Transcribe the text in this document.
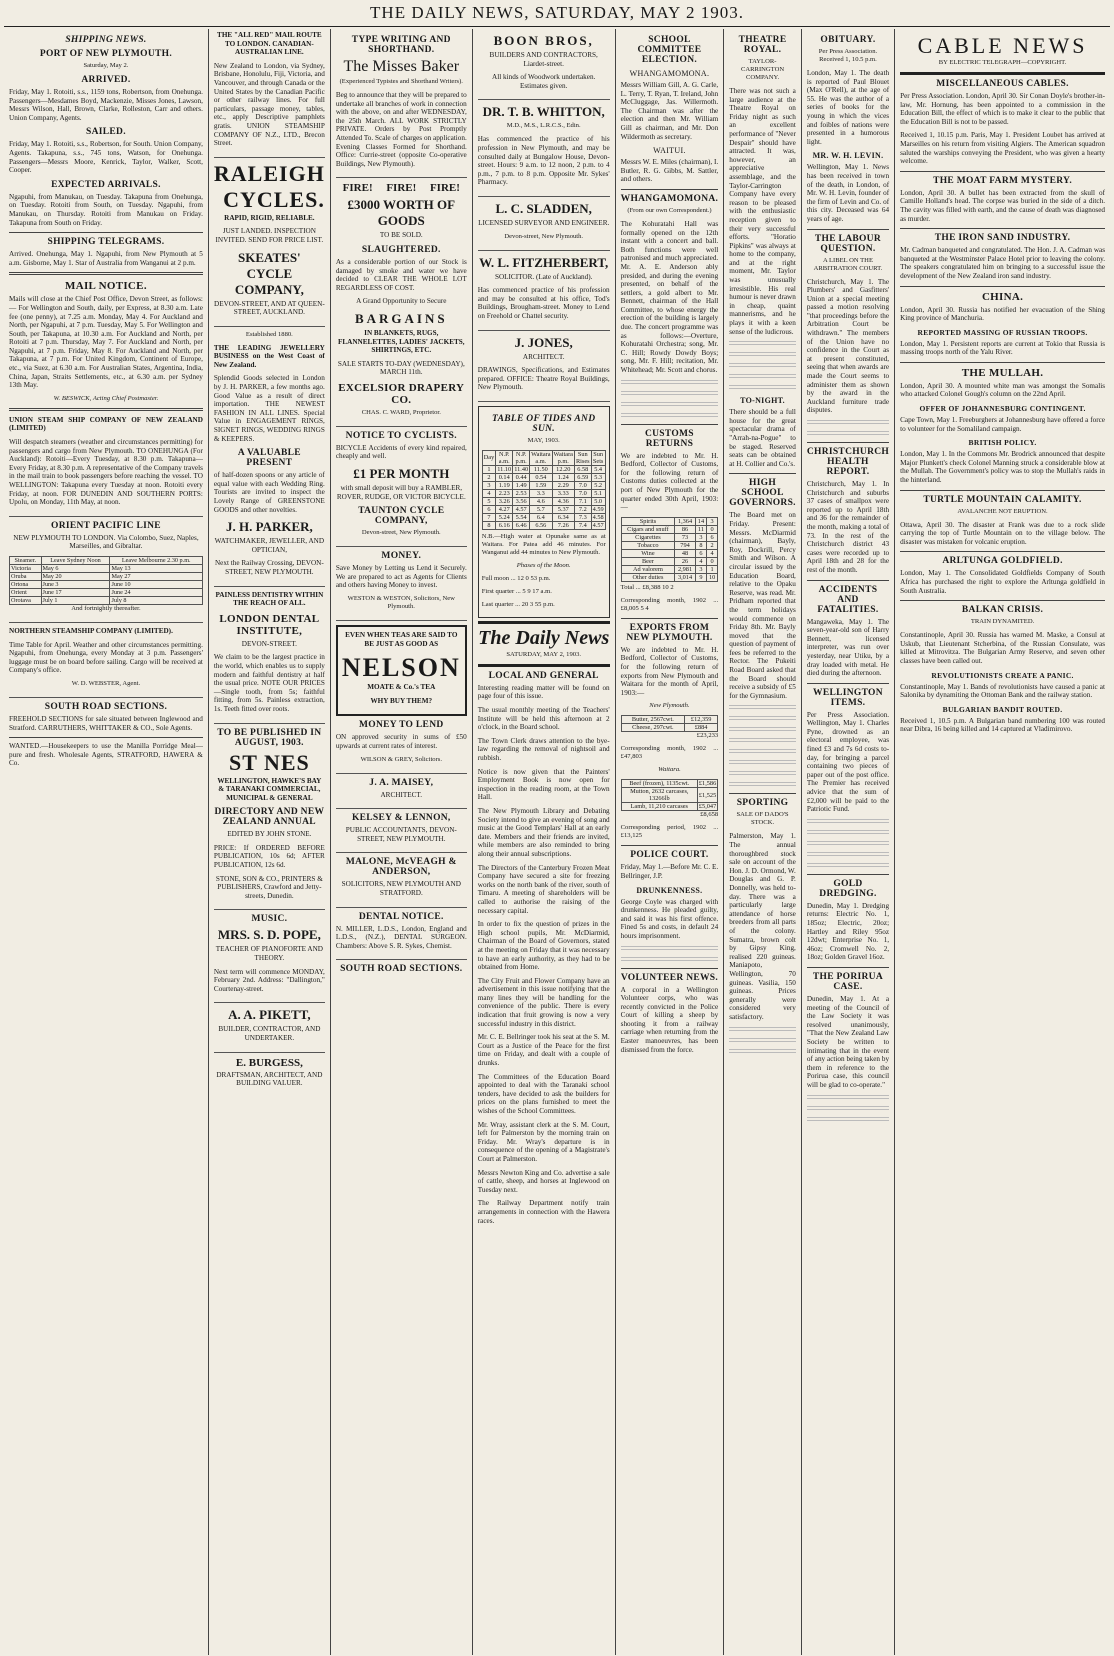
THE DAILY NEWS, SATURDAY, MAY 2 1903.
SHIPPING NEWS.
PORT OF NEW PLYMOUTH.

Saturday, May 2.

ARRIVED.

Friday, May 1. Rotoiti, s.s., 1159 tons, Robertson, from Onehunga. Passengers—Mesdames Boyd, Mackenzie, Misses Jones, Lawson, Messrs Wilson, Hall, Brown, Clarke, Rolleston, Carr and others. Union Company, Agents.

SAILED.

Friday, May 1. Rotoiti, s.s., Robertson, for South. Union Company, Agents. Takapuna, s.s., 745 tons, Watson, for Onehunga. Passengers—Messrs Moore, Kenrick, Taylor, Walker, Scott, Cooper.

EXPECTED ARRIVALS.

Ngapuhi, from Manukau, on Tuesday. Takapuna from Onehunga, on Tuesday. Rotoiti from South, on Tuesday. Ngapuhi, from Manukau, on Thursday. Rotoiti from Manukau on Friday. Takapuna from South on Friday.

SHIPPING TELEGRAMS.

Arrived. Onehunga, May 1. Ngapuhi, from New Plymouth at 5 a.m. Gisborne, May 1. Star of Australia from Wanganui at 2 p.m.

MAIL NOTICE.

Mails will close at the Chief Post Office, Devon Street, as follows:— For Wellington and South, daily, per Express, at 8.30 a.m. Late fee (one penny), at 7.25 a.m. Monday, May 4. For Auckland and North, per Ngapuhi, at 7 p.m. Tuesday, May 5. For Wellington and South, per Takapuna, at 10.30 a.m. For Auckland and North, per Rotoiti at 7 p.m. Thursday, May 7. For Auckland and North, per Ngapuhi, at 7 p.m. Friday, May 8. For Auckland and North, per Takapuna, at 7 p.m. For United Kingdom, Continent of Europe, etc., via Suez, at 6.30 a.m. For Australian States, Argentina, India, China, Japan, Straits Settlements, etc., at 6.30 a.m. per Sydney 13th May.

W. BESWICK, Acting Chief Postmaster.

UNION STEAM SHIP COMPANY OF NEW ZEALAND (LIMITED)

Will despatch steamers (weather and circumstances permitting) for passengers and cargo from New Plymouth. TO ONEHUNGA (For Auckland): Rotoiti—Every Tuesday, at 8.30 p.m. Takapuna—Every Friday, at 8.30 p.m. A representative of the Company travels in the mail train to book passengers before reaching the vessel. TO WELLINGTON: Takapuna every Tuesday at noon. Rotoiti every Friday, at noon. FOR DUNEDIN AND SOUTHERN PORTS: Upolu, on Monday, 11th May, at noon.

ORIENT PACIFIC LINE

NEW PLYMOUTH TO LONDON. Via Colombo, Suez, Naples, Marseilles, and Gibraltar.

Steamer.	Leave Sydney Noon	Leave Melbourne 2.30 p.m.
Victoria	May 6	May 13
Oruba	May 20	May 27
Ortona	June 3	June 10
Orient	June 17	June 24
Orotava	July 1	July 8

And fortnightly thereafter.

NORTHERN STEAMSHIP COMPANY (LIMITED).

Time Table for April. Weather and other circumstances permitting. Ngapuhi, from Onehunga, every Monday at 3 p.m. Passengers' luggage must be on board before sailing. Cargo will be received at Company's office.

W. D. WEBSTER, Agent.

SOUTH ROAD SECTIONS.

FREEHOLD SECTIONS for sale situated between Inglewood and Stratford. CARRUTHERS, WHITTAKER & CO., Sole Agents.

WANTED.—Housekeepers to use the Manilla Porridge Meal—pure and fresh. Wholesale Agents, STRATFORD, HAWERA & Co.

THE "ALL RED" MAIL ROUTE TO LONDON. CANADIAN-AUSTRALIAN LINE.

New Zealand to London, via Sydney, Brisbane, Honolulu, Fiji, Victoria, and Vancouver, and through Canada or the United States by the Canadian Pacific or other railway lines. For full particulars, passage money, tables, etc., apply Descriptive pamphlets gratis. UNION STEAMSHIP COMPANY OF N.Z., LTD., Brecon Street.

RALEIGH
CYCLES.

RAPID, RIGID, RELIABLE.

JUST LANDED. INSPECTION INVITED. SEND FOR PRICE LIST.

SKEATES' CYCLE COMPANY,

DEVON-STREET, AND AT QUEEN-STREET, AUCKLAND.

Established 1880.

THE LEADING JEWELLERY BUSINESS on the West Coast of New Zealand.

Splendid Goods selected in London by J. H. PARKER, a few months ago. Good Value as a result of direct importation. THE NEWEST FASHION IN ALL LINES. Special Value in ENGAGEMENT RINGS, SIGNET RINGS, WEDDING RINGS & KEEPERS.

A VALUABLE PRESENT

of half-dozen spoons or any article of equal value with each Wedding Ring. Tourists are invited to inspect the Lovely Range of GREENSTONE GOODS and other novelties.

J. H. PARKER,

WATCHMAKER, JEWELLER, AND OPTICIAN,

Next the Railway Crossing, DEVON-STREET, NEW PLYMOUTH.

PAINLESS DENTISTRY WITHIN THE REACH OF ALL.

LONDON DENTAL INSTITUTE,

DEVON-STREET.

We claim to be the largest practice in the world, which enables us to supply modern and faithful dentistry at half the usual price. NOTE OUR PRICES—Single tooth, from 5s; faithful fitting, from 5s. Painless extraction, 1s. Teeth fitted over roots.

TO BE PUBLISHED IN AUGUST, 1903.
ST NES

WELLINGTON, HAWKE'S BAY & TARANAKI COMMERCIAL, MUNICIPAL & GENERAL

DIRECTORY AND NEW ZEALAND ANNUAL

EDITED BY JOHN STONE.

PRICE: If ORDERED BEFORE PUBLICATION, 10s 6d; AFTER PUBLICATION, 12s 6d.

STONE, SON & CO., PRINTERS & PUBLISHERS, Crawford and Jetty-streets, Dunedin.

MUSIC.
MRS. S. D. POPE,

TEACHER OF PIANOFORTE AND THEORY.

Next term will commence MONDAY, February 2nd. Address: "Dallington," Courtenay-street.

A. A. PIKETT,

BUILDER, CONTRACTOR, AND UNDERTAKER.

E. BURGESS,

DRAFTSMAN, ARCHITECT, AND BUILDING VALUER.

TYPE WRITING AND SHORTHAND.
The Misses Baker

(Experienced Typistes and Shorthand Writers).

Beg to announce that they will be prepared to undertake all branches of work in connection with the above, on and after WEDNESDAY, the 25th March. ALL WORK STRICTLY PRIVATE. Orders by Post Promptly Attended To. Scale of charges on application. Evening Classes Formed for Shorthand. Office: Currie-street (opposite Co-operative Buildings, New Plymouth).

FIRE! FIRE! FIRE!
£3000 WORTH OF GOODS

TO BE SOLD.

SLAUGHTERED.

As a considerable portion of our Stock is damaged by smoke and water we have decided to CLEAR THE WHOLE LOT REGARDLESS OF COST.

A Grand Opportunity to Secure

BARGAINS

IN BLANKETS, RUGS, FLANNELETTES, LADIES' JACKETS, SHIRTINGS, ETC.

SALE STARTS TO-DAY (WEDNESDAY), MARCH 11th.

EXCELSIOR DRAPERY CO.

CHAS. C. WARD, Proprietor.

NOTICE TO CYCLISTS.

BICYCLE Accidents of every kind repaired, cheaply and well.

£1 PER MONTH

with small deposit will buy a RAMBLER, ROVER, RUDGE, OR VICTOR BICYCLE.

TAUNTON CYCLE COMPANY,

Devon-street, New Plymouth.

MONEY.

Save Money by Letting us Lend it Securely. We are prepared to act as Agents for Clients and others having Money to invest.

WESTON & WESTON, Solicitors, New Plymouth.

EVEN WHEN TEAS ARE SAID TO BE JUST AS GOOD AS

NELSON

MOATE & Co.'s TEA

WHY BUY THEM?

MONEY TO LEND

ON approved security in sums of £50 upwards at current rates of interest.

WILSON & GREY, Solicitors.

J. A. MAISEY,

ARCHITECT.

KELSEY & LENNON,

PUBLIC ACCOUNTANTS, DEVON-STREET, NEW PLYMOUTH.

MALONE, McVEAGH & ANDERSON,

SOLICITORS, NEW PLYMOUTH AND STRATFORD.

DENTAL NOTICE.

N. MILLER, L.D.S., London, England and L.D.S., (N.Z.), DENTAL SURGEON. Chambers: Above S. R. Sykes, Chemist.

SOUTH ROAD SECTIONS.
BOON BROS,

BUILDERS AND CONTRACTORS, Liardet-street.

All kinds of Woodwork undertaken. Estimates given.

DR. T. B. WHITTON,

M.D., M.S., L.R.C.S., Edin.

Has commenced the practice of his profession in New Plymouth, and may be consulted daily at Bungalow House, Devon-street. Hours: 9 a.m. to 12 noon, 2 p.m. to 4 p.m., 7 p.m. to 8 p.m. Opposite Mr. Sykes' Pharmacy.

L. C. SLADDEN,

LICENSED SURVEYOR AND ENGINEER.

Devon-street, New Plymouth.

W. L. FITZHERBERT,

SOLICITOR. (Late of Auckland).

Has commenced practice of his profession and may be consulted at his office, Tod's Buildings, Brougham-street. Money to Lend on Freehold or Chattel security.

J. JONES,

ARCHITECT.

DRAWINGS, Specifications, and Estimates prepared. OFFICE: Theatre Royal Buildings, New Plymouth.

TABLE OF TIDES AND SUN.

MAY, 1903.

Day	N.P. a.m.	N.P. p.m.	Waitara a.m.	Waitara p.m.	Sun Rises	Sun Sets
1	11.10	11.40	11.50	12.20	6.58	5.4
2	0.14	0.44	0.54	1.24	6.59	5.3
3	1.19	1.49	1.59	2.29	7.0	5.2
4	2.23	2.53	3.3	3.33	7.0	5.1
5	3.26	3.56	4.6	4.36	7.1	5.0
6	4.27	4.57	5.7	5.37	7.2	4.59
7	5.24	5.54	6.4	6.34	7.3	4.58
8	6.16	6.46	6.56	7.26	7.4	4.57

N.B.—High water at Opunake same as at Waitara. For Patea add 46 minutes. For Wanganui add 44 minutes to New Plymouth.

Phases of the Moon.

Full moon ... 12 0 53 p.m.

First quarter ... 5 9 17 a.m.

Last quarter ... 20 3 55 p.m.

The Daily News

SATURDAY, MAY 2, 1903.

LOCAL AND GENERAL

Interesting reading matter will be found on page four of this issue.

The usual monthly meeting of the Teachers' Institute will be held this afternoon at 2 o'clock, in the Board school.

The Town Clerk draws attention to the bye-law regarding the removal of nightsoil and rubbish.

Notice is now given that the Painters' Employment Book is now open for inspection in the reading room, at the Town Hall.

The New Plymouth Library and Debating Society intend to give an evening of song and music at the Good Templars' Hall at an early date. Members and their friends are invited, while members are also reminded to bring along their annual subscriptions.

The Directors of the Canterbury Frozen Meat Company have secured a site for freezing works on the north bank of the river, south of Timaru. A meeting of shareholders will be called to authorise the raising of the necessary capital.

In order to fix the question of prizes in the High school pupils, Mr. McDiarmid, Chairman of the Board of Governors, stated at the meeting on Friday that it was necessary to have an early authority, as they had to be obtained from Home.

The City Fruit and Flower Company have an advertisement in this issue notifying that the many lines they will be handling for the convenience of the public. There is every indication that fruit growing is now a very successful industry in this district.

Mr. C. E. Bellringer took his seat at the S. M. Court as a Justice of the Peace for the first time on Friday, and dealt with a couple of drunks.

The Committees of the Education Board appointed to deal with the Taranaki school tenders, have decided to ask the builders for prices on the plans furnished to meet the wishes of the School Committees.

Mr. Wray, assistant clerk at the S. M. Court, left for Palmerston by the morning train on Friday. Mr. Wray's departure is in consequence of the opening of a Magistrate's Court at Palmerston.

Messrs Newton King and Co. advertise a sale of cattle, sheep, and horses at Inglewood on Tuesday next.

The Railway Department notify train arrangements in connection with the Hawera races.

SCHOOL COMMITTEE ELECTION.
WHANGAMOMONA.

Messrs William Gill, A. G. Carle, L. Terry, T. Ryan, T. Ireland, John McCluggage, Jas. Willermoth. The Chairman was after the election and then Mr. William Gill as chairman, and Mr. Don Wildermoth as secretary.

WAITUI.

Messrs W. E. Miles (chairman), I. Butler, R. G. Gibbs, M. Sattler, and others.

WHANGAMOMONA.

(From our own Correspondent.)

The Kohuratahi Hall was formally opened on the 12th instant with a concert and ball. Both functions were well patronised and much appreciated. Mr. A. E. Anderson ably presided, and during the evening presented, on behalf of the settlers, a gold albert to Mr. Bennett, chairman of the Hall Committee, to whose energy the erection of the building is largely due. The concert programme was as follows:—Overture, Kohuratahi Orchestra; song, Mr. C. Hill; Rowdy Dowdy Boys; song, Mr. F. Hill; recitation, Mr. Whitehead; Mr. Scott and chorus.

CUSTOMS RETURNS

We are indebted to Mr. H. Bedford, Collector of Customs, for the following return of Customs duties collected at the port of New Plymouth for the quarter ended 30th April, 1903:—

Spirits	1,364	14	3
Cigars and snuff	86	11	0
Cigarettes	73	3	6
Tobacco	794	8	2
Wine	48	6	4
Beer	26	4	0
Ad valorem	2,981	3	1
Other duties	3,014	9	10

Total ... £8,388 10 2

Corresponding month, 1902 ... £8,005 5 4

EXPORTS FROM NEW PLYMOUTH.

We are indebted to Mr. H. Bedford, Collector of Customs, for the following return of exports from New Plymouth and Waitara for the month of April, 1903:—

New Plymouth.

Butter, 2567cwt.	£12,359
Cheese, 297cwt.	£884

£23,233

Corresponding month, 1902 ... £47,803

Waitara.

Beef (frozen), 1135cwt.	£1,586
Mutton, 2632 carcases, 13266lb	£1,525
Lamb, 11,210 carcases	£5,047

£8,658

Corresponding period, 1902 ... £13,125

POLICE COURT.

Friday, May 1.—Before Mr. C. E. Bellringer, J.P.

DRUNKENNESS.

George Coyle was charged with drunkenness. He pleaded guilty, and said it was his first offence. Fined 5s and costs, in default 24 hours imprisonment.

VOLUNTEER NEWS.

A corporal in a Wellington Volunteer corps, who was recently convicted in the Police Court of killing a sheep by shooting it from a railway carriage when returning from the Easter manoeuvres, has been dismissed from the force.

THEATRE ROYAL.

TAYLOR-CARRINGTON COMPANY.

There was not such a large audience at the Theatre Royal on Friday night as such an excellent performance of "Never Despair" should have attracted. It was, however, an appreciative assemblage, and the Taylor-Carrington Company have every reason to be pleased with the enthusiastic reception given to their very successful efforts. "Horatio Pipkins" was always at home to the company, and at the right moment, Mr. Taylor was unusually irresistible. His real humour is never drawn in cheap, quaint mannerisms, and he plays it with a keen sense of the ludicrous.

TO-NIGHT.

There should be a full house for the great spectacular drama of "Arrah-na-Pogue" to be staged. Reserved seats can be obtained at H. Collier and Co.'s.

HIGH SCHOOL GOVERNORS.

The Board met on Friday. Present: Messrs. McDiarmid (chairman), Bayly, Roy, Dockrill, Percy Smith and Wilson. A circular issued by the Education Board, relative to the Opaku Reserve, was read. Mr. Pridham reported that the term holidays would commence on Friday 8th. Mr. Bayly moved that the question of payment of fees be referred to the Rector. The Pukeiti Road Board asked that the Board should receive a subsidy of £5 for the Gymnasium.

SPORTING

SALE OF DADO'S STOCK.

Palmerston, May 1. The annual thoroughbred stock sale on account of the Hon. J. D. Ormond, W. Douglas and G. P. Donnelly, was held to-day. There was a particularly large attendance of horse breeders from all parts of the colony. Sumatra, brown colt by Gipsy King, realised 220 guineas. Maniapoto, Wellington, 70 guineas. Vasilia, 150 guineas. Prices generally were considered very satisfactory.

OBITUARY.

Per Press Association. Received 1, 10.5 p.m.

London, May 1. The death is reported of Paul Blouet (Max O'Rell), at the age of 55. He was the author of a series of books for the young in which the vices and foibles of nations were presented in a humorous light.

MR. W. H. LEVIN.

Wellington, May 1. News has been received in town of the death, in London, of Mr. W. H. Levin, founder of the firm of Levin and Co. of this city. Deceased was 64 years of age.

THE LABOUR QUESTION.

A LIBEL ON THE ARBITRATION COURT.

Christchurch, May 1. The Plumbers' and Gasfitters' Union at a special meeting passed a motion resolving "that proceedings before the Arbitration Court be withdrawn." The members of the Union have no confidence in the Court as at present constituted, seeing that when awards are made the Court seems to administer them as shown by the award in the Auckland furniture trade disputes.

CHRISTCHURCH HEALTH REPORT.

Christchurch, May 1. In Christchurch and suburbs 37 cases of smallpox were reported up to April 18th and 36 for the remainder of the month, making a total of 73. In the rest of the Christchurch district 43 cases were recorded up to April 18th and 28 for the rest of the month.

ACCIDENTS AND FATALITIES.

Mangaweka, May 1. The seven-year-old son of Harry Bennett, licensed interpreter, was run over yesterday, near Utiku, by a dray loaded with metal. He died during the afternoon.

WELLINGTON ITEMS.

Per Press Association. Wellington, May 1. Charles Pyne, drowned as an electoral employee, was fined £3 and 7s 6d costs to-day, for bringing a parcel containing two pieces of paper out of the post office. The Premier has received advice that the sum of £2,000 will be paid to the Patriotic Fund.

GOLD DREDGING.

Dunedin, May 1. Dredging returns: Electric No. 1, 185oz; Electric, 20oz; Hartley and Riley 95oz 12dwt; Enterprise No. 1, 46oz; Cromwell No. 2, 18oz; Golden Gravel 16oz.

THE PORIRUA CASE.

Dunedin, May 1. At a meeting of the Council of the Law Society it was resolved unanimously, "That the New Zealand Law Society be written to intimating that in the event of any action being taken by them in reference to the Porirua case, this council will be glad to co-operate."

CABLE NEWS

BY ELECTRIC TELEGRAPH—COPYRIGHT.

MISCELLANEOUS CABLES.

Per Press Association. London, April 30. Sir Conan Doyle's brother-in-law, Mr. Hornung, has been appointed to a commission in the Education Bill, the effect of which is to make it clear to the public that the Education Bill is not to be passed.

Received 1, 10.15 p.m. Paris, May 1. President Loubet has arrived at Marseilles on his return from visiting Algiers. The American squadron saluted the warships conveying the President, who was given a hearty welcome.

THE MOAT FARM MYSTERY.

London, April 30. A bullet has been extracted from the skull of Camille Holland's head. The corpse was buried in the side of a ditch. The cavity was filled with earth, and the cause of death was diagnosed as murder.

THE IRON SAND INDUSTRY.

Mr. Cadman banqueted and congratulated. The Hon. J. A. Cadman was banqueted at the Westminster Palace Hotel prior to leaving the colony. The speakers congratulated him on bringing to a successful issue the development of the New Zealand iron sand industry.

CHINA.

London, April 30. Russia has notified her evacuation of the Shing King province of Manchuria.

REPORTED MASSING OF RUSSIAN TROOPS.

London, May 1. Persistent reports are current at Tokio that Russia is massing troops north of the Yalu River.

THE MULLAH.

London, April 30. A mounted white man was amongst the Somalis who attacked Colonel Gough's column on the 22nd April.

OFFER OF JOHANNESBURG CONTINGENT.

Cape Town, May 1. Freeburghers at Johannesburg have offered a force to volunteer for the Somaliland campaign.

BRITISH POLICY.

London, May 1. In the Commons Mr. Brodrick announced that despite Major Plunkett's check Colonel Manning struck a considerable blow at the Mullah. The Government's policy was to stop the Mullah's raids in the hinterland.

TURTLE MOUNTAIN CALAMITY.

AVALANCHE NOT ERUPTION.

Ottawa, April 30. The disaster at Frank was due to a rock slide carrying the top of Turtle Mountain on to the village below. The disaster was mistaken for volcanic eruption.

ARLTUNGA GOLDFIELD.

London, May 1. The Consolidated Goldfields Company of South Africa has purchased the right to explore the Arltunga goldfield in South Australia.

BALKAN CRISIS.

TRAIN DYNAMITED.

Constantinople, April 30. Russia has warned M. Maske, a Consul at Uskub, that Lieutenant Stcherbina, of the Russian Consulate, was killed at Mitrovitza. The Bulgarian Army Reserve, and seven other classes have been called out.

REVOLUTIONISTS CREATE A PANIC.

Constantinople, May 1. Bands of revolutionists have caused a panic at Salonika by dynamiting the Ottoman Bank and the railway station.

BULGARIAN BANDIT ROUTED.

Received 1, 10.5 p.m. A Bulgarian band numbering 100 was routed near Dibra, 16 being killed and 14 captured at Vladimirovo.
